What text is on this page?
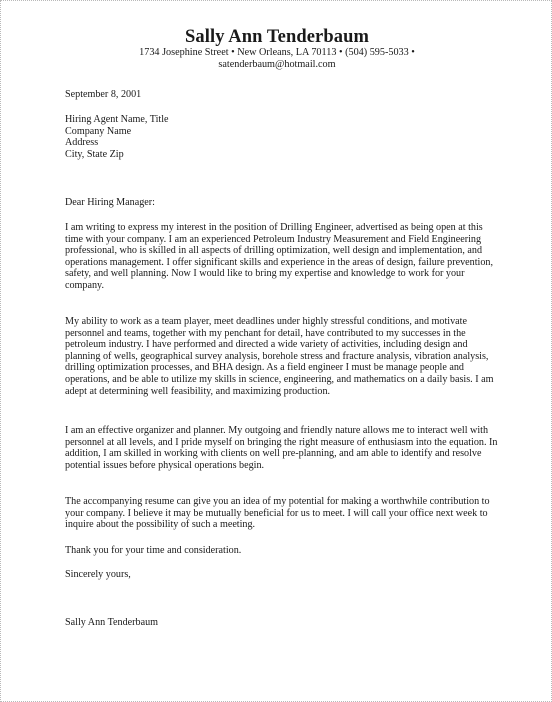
Sally Ann Tenderbaum
1734 Josephine Street • New Orleans, LA 70113 • (504) 595-5033 •
satenderbaum@hotmail.com
September 8, 2001
Hiring Agent Name, Title
Company Name
Address
City, State Zip
Dear Hiring Manager:

I am writing to express my interest in the position of Drilling Engineer, advertised as being open at this time with your company. I am an experienced Petroleum Industry Measurement and Field Engineering professional, who is skilled in all aspects of drilling optimization, well design and implementation, and operations management. I offer significant skills and experience in the areas of design, failure prevention, safety, and well planning. Now I would like to bring my expertise and knowledge to work for your company.

My ability to work as a team player, meet deadlines under highly stressful conditions, and motivate personnel and teams, together with my penchant for detail, have contributed to my successes in the petroleum industry. I have performed and directed a wide variety of activities, including design and planning of wells, geographical survey analysis, borehole stress and fracture analysis, vibration analysis, drilling optimization processes, and BHA design. As a field engineer I must be manage people and operations, and be able to utilize my skills in science, engineering, and mathematics on a daily basis. I am adept at determining well feasibility, and maximizing production.

I am an effective organizer and planner. My outgoing and friendly nature allows me to interact well with personnel at all levels, and I pride myself on bringing the right measure of enthusiasm into the equation. In addition, I am skilled in working with clients on well pre-planning, and am able to identify and resolve potential issues before physical operations begin.

The accompanying resume can give you an idea of my potential for making a worthwhile contribution to your company. I believe it may be mutually beneficial for us to meet. I will call your office next week to inquire about the possibility of such a meeting.

Thank you for your time and consideration.
Sincerely yours,
Sally Ann Tenderbaum
